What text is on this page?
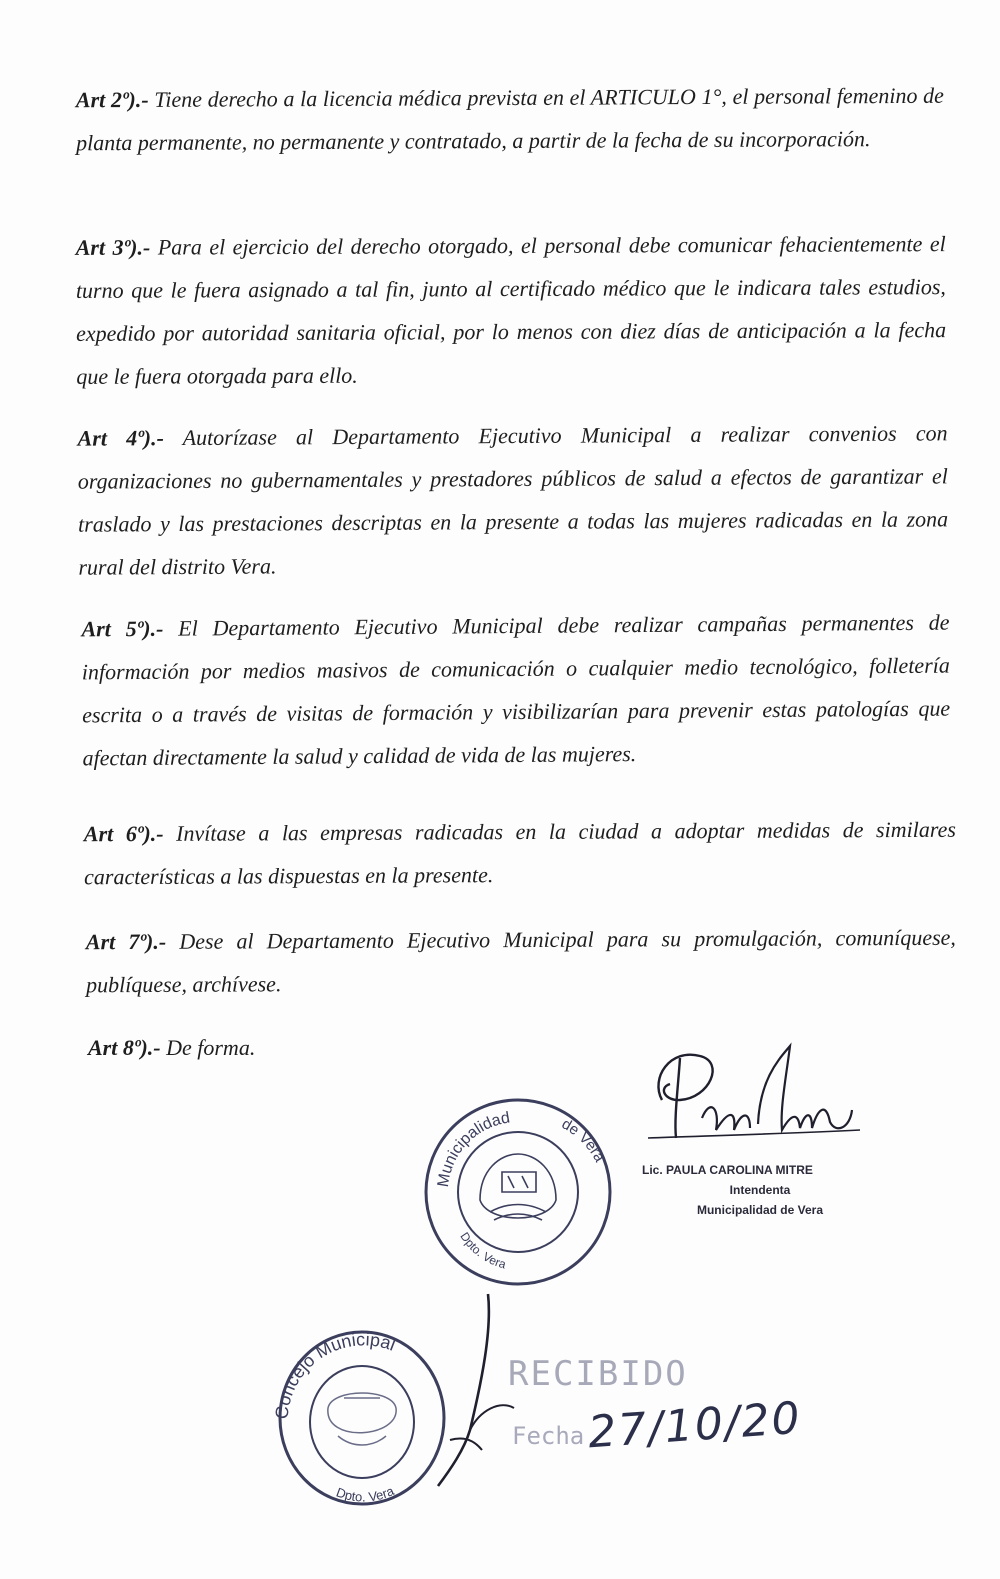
Art 2º).- Tiene derecho a la licencia médica prevista en el ARTICULO 1°, el personal femenino de planta permanente, no permanente y contratado, a partir de la fecha de su incorporación.
Art 3º).- Para el ejercicio del derecho otorgado, el personal debe comunicar fehacientemente el turno que le fuera asignado a tal fin, junto al certificado médico que le indicara tales estudios, expedido por autoridad sanitaria oficial, por lo menos con diez días de anticipación a la fecha que le fuera otorgada para ello.
Art 4º).- Autorízase al Departamento Ejecutivo Municipal a realizar convenios con organizaciones no gubernamentales y prestadores públicos de salud a efectos de garantizar el traslado y las prestaciones descriptas en la presente a todas las mujeres radicadas en la zona rural del distrito Vera.
Art 5º).- El Departamento Ejecutivo Municipal debe realizar campañas permanentes de información por medios masivos de comunicación o cualquier medio tecnológico, folletería escrita o a través de visitas de formación y visibilizarían para prevenir estas patologías que afectan directamente la salud y calidad de vida de las mujeres.
Art 6º).- Invítase a las empresas radicadas en la ciudad a adoptar medidas de similares características a las dispuestas en la presente.
Art 7º).- Dese al Departamento Ejecutivo Municipal para su promulgación, comuníquese, publíquese, archívese.
Art 8º).- De forma.
Lic. PAULA CAROLINA MITRE
Intendenta
Municipalidad de Vera
Municipalidad	de Vera
Dpto. Vera
Concejo Municipal
Dpto. Vera
RECIBIDO
Fecha 27/10/20
